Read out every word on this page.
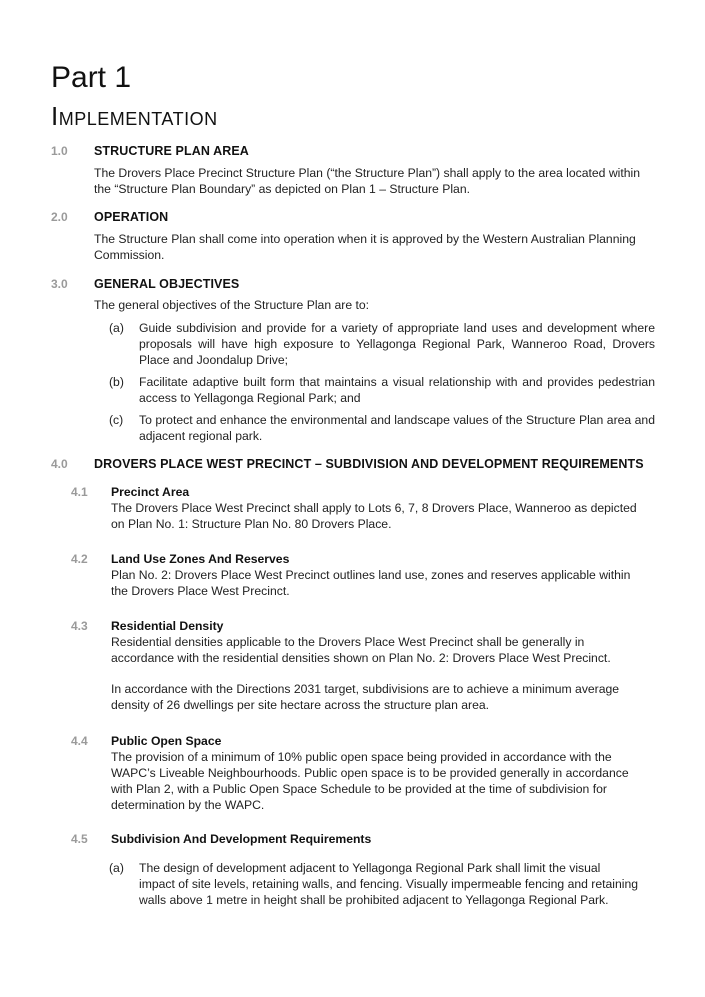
Part 1
Implementation
1.0 STRUCTURE PLAN AREA

The Drovers Place Precinct Structure Plan (“the Structure Plan”) shall apply to the area located within the “Structure Plan Boundary” as depicted on Plan 1 – Structure Plan.

2.0 OPERATION

The Structure Plan shall come into operation when it is approved by the Western Australian Planning Commission.

3.0 GENERAL OBJECTIVES

The general objectives of the Structure Plan are to:

(a) Guide subdivision and provide for a variety of appropriate land uses and development where proposals will have high exposure to Yellagonga Regional Park, Wanneroo Road, Drovers Place and Joondalup Drive;
(b) Facilitate adaptive built form that maintains a visual relationship with and provides pedestrian access to Yellagonga Regional Park; and
(c) To protect and enhance the environmental and landscape values of the Structure Plan area and adjacent regional park.
4.0 DROVERS PLACE WEST PRECINCT – SUBDIVISION AND DEVELOPMENT REQUIREMENTS
4.1 Precinct Area

The Drovers Place West Precinct shall apply to Lots 6, 7, 8 Drovers Place, Wanneroo as depicted on Plan No. 1: Structure Plan No. 80 Drovers Place.

4.2 Land Use Zones And Reserves

Plan No. 2: Drovers Place West Precinct outlines land use, zones and reserves applicable within the Drovers Place West Precinct.

4.3 Residential Density

Residential densities applicable to the Drovers Place West Precinct shall be generally in accordance with the residential densities shown on Plan No. 2: Drovers Place West Precinct.

In accordance with the Directions 2031 target, subdivisions are to achieve a minimum average density of 26 dwellings per site hectare across the structure plan area.

4.4 Public Open Space

The provision of a minimum of 10% public open space being provided in accordance with the WAPC’s Liveable Neighbourhoods. Public open space is to be provided generally in accordance with Plan 2, with a Public Open Space Schedule to be provided at the time of subdivision for determination by the WAPC.

4.5 Subdivision And Development Requirements
(a) The design of development adjacent to Yellagonga Regional Park shall limit the visual impact of site levels, retaining walls, and fencing. Visually impermeable fencing and retaining walls above 1 metre in height shall be prohibited adjacent to Yellagonga Regional Park.
